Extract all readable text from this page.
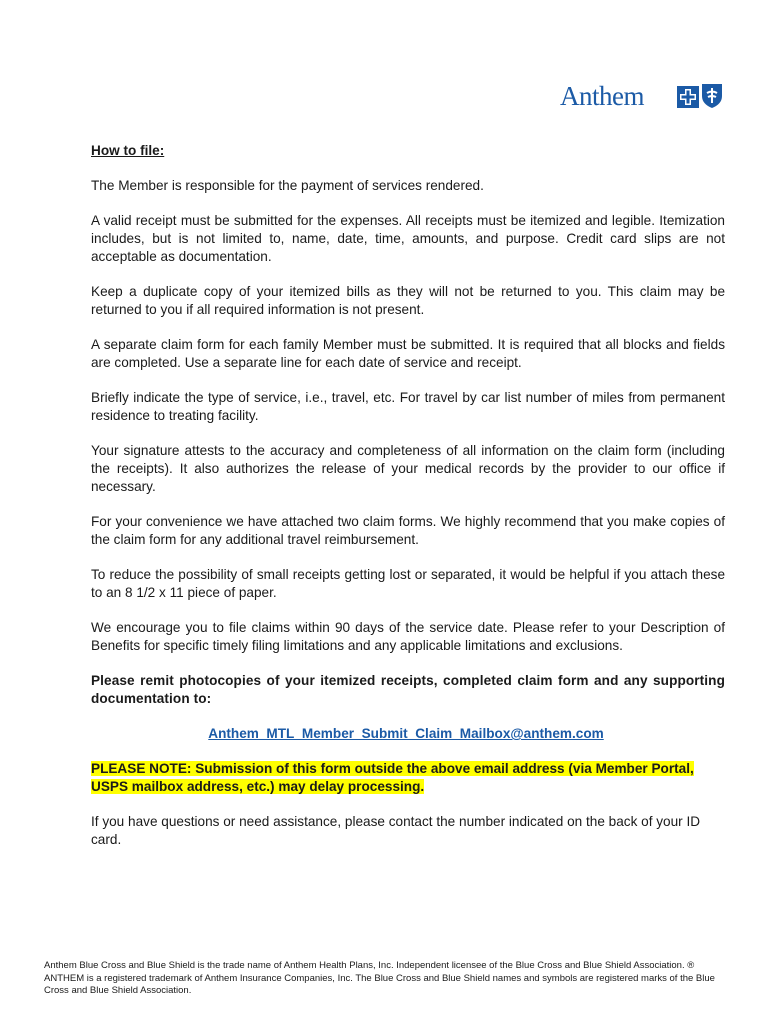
Anthem

How to file:

The Member is responsible for the payment of services rendered.

A valid receipt must be submitted for the expenses. All receipts must be itemized and legible. Itemization includes, but is not limited to, name, date, time, amounts, and purpose. Credit card slips are not acceptable as documentation.

Keep a duplicate copy of your itemized bills as they will not be returned to you. This claim may be returned to you if all required information is not present.

A separate claim form for each family Member must be submitted. It is required that all blocks and fields are completed. Use a separate line for each date of service and receipt.

Briefly indicate the type of service, i.e., travel, etc. For travel by car list number of miles from permanent residence to treating facility.

Your signature attests to the accuracy and completeness of all information on the claim form (including the receipts). It also authorizes the release of your medical records by the provider to our office if necessary.

For your convenience we have attached two claim forms. We highly recommend that you make copies of the claim form for any additional travel reimbursement.

To reduce the possibility of small receipts getting lost or separated, it would be helpful if you attach these to an 8 1/2 x 11 piece of paper.

We encourage you to file claims within 90 days of the service date. Please refer to your Description of Benefits for specific timely filing limitations and any applicable limitations and exclusions.

Please remit photocopies of your itemized receipts, completed claim form and any supporting documentation to:

Anthem_MTL_Member_Submit_Claim_Mailbox@anthem.com

PLEASE NOTE: Submission of this form outside the above email address (via Member Portal, USPS mailbox address, etc.) may delay processing.

If you have questions or need assistance, please contact the number indicated on the back of your ID card.

Anthem Blue Cross and Blue Shield is the trade name of Anthem Health Plans, Inc. Independent licensee of the Blue Cross and Blue Shield Association. ® ANTHEM is a registered trademark of Anthem Insurance Companies, Inc. The Blue Cross and Blue Shield names and symbols are registered marks of the Blue Cross and Blue Shield Association.
